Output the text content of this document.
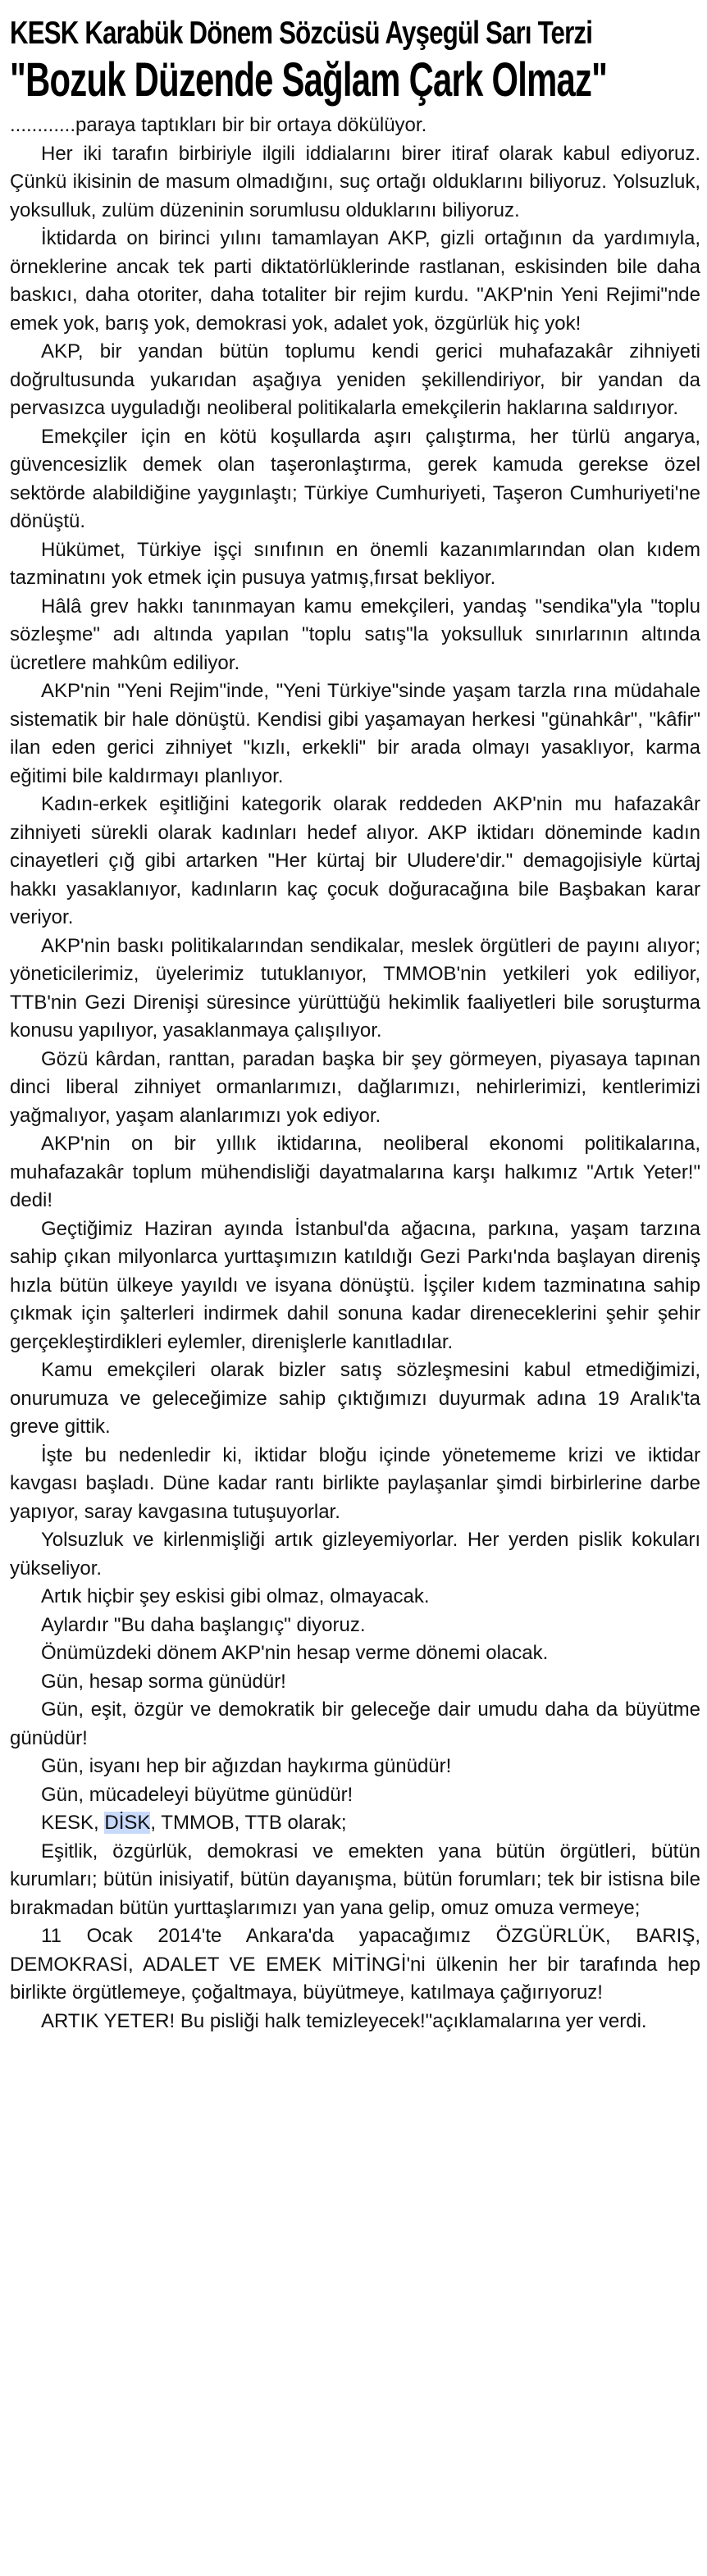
KESK Karabük Dönem Sözcüsü Ayşegül Sarı Terzi
"Bozuk Düzende Sağlam Çark Olmaz"

............paraya taptıkları bir bir ortaya dökülüyor.

Her iki tarafın birbiriyle ilgili iddialarını birer itiraf olarak kabul ediyoruz. Çünkü ikisinin de masum olmadığını, suç ortağı olduklarını biliyoruz. Yolsuzluk, yoksulluk, zulüm düzeninin sorumlusu olduklarını biliyoruz.

İktidarda on birinci yılını tamamlayan AKP, gizli ortağının da yardımıyla, örneklerine ancak tek parti diktatörlüklerinde rastlanan, eskisinden bile daha baskıcı, daha otoriter, daha totaliter bir rejim kurdu. "AKP'nin Yeni Rejimi"nde emek yok, barış yok, demokrasi yok, adalet yok, özgürlük hiç yok!

AKP, bir yandan bütün toplumu kendi gerici muhafazakâr zihniyeti doğrultusunda yukarıdan aşağıya yeniden şekillendiriyor, bir yandan da pervasızca uyguladığı neoliberal politikalarla emekçilerin haklarına saldırıyor.

Emekçiler için en kötü koşullarda aşırı çalıştırma, her türlü angarya, güvencesizlik demek olan taşeronlaştırma, gerek kamuda gerekse özel sektörde alabildiğine yaygınlaştı; Türkiye Cumhuriyeti, Taşeron Cumhuriyeti'ne dönüştü.

Hükümet, Türkiye işçi sınıfının en önemli kazanımlarından olan kıdem tazminatını yok etmek için pusuya yatmış,fırsat bekliyor.

Hâlâ grev hakkı tanınmayan kamu emekçileri, yandaş "sendika"yla "toplu sözleşme" adı altında yapılan "toplu satış"la yoksulluk sınırlarının altında ücretlere mahkûm ediliyor.

AKP'nin "Yeni Rejim"inde, "Yeni Türkiye"sinde yaşam tarzla rına müdahale sistematik bir hale dönüştü. Kendisi gibi yaşamayan herkesi "günahkâr", "kâfir" ilan eden gerici zihniyet "kızlı, erkekli" bir arada olmayı yasaklıyor, karma eğitimi bile kaldırmayı planlıyor.

Kadın-erkek eşitliğini kategorik olarak reddeden AKP'nin mu hafazakâr zihniyeti sürekli olarak kadınları hedef alıyor. AKP iktidarı döneminde kadın cinayetleri çığ gibi artarken "Her kürtaj bir Uludere'dir." demagojisiyle kürtaj hakkı yasaklanıyor, kadınların kaç çocuk doğuracağına bile Başbakan karar veriyor.

AKP'nin baskı politikalarından sendikalar, meslek örgütleri de payını alıyor; yöneticilerimiz, üyelerimiz tutuklanıyor, TMMOB'nin yetkileri yok ediliyor, TTB'nin Gezi Direnişi süresince yürüttüğü hekimlik faaliyetleri bile soruşturma konusu yapılıyor, yasaklanmaya çalışılıyor.

Gözü kârdan, ranttan, paradan başka bir şey görmeyen, piyasaya tapınan dinci liberal zihniyet ormanlarımızı, dağlarımızı, nehirlerimizi, kentlerimizi yağmalıyor, yaşam alanlarımızı yok ediyor.

AKP'nin on bir yıllık iktidarına, neoliberal ekonomi politikalarına, muhafazakâr toplum mühendisliği dayatmalarına karşı halkımız "Artık Yeter!" dedi!

Geçtiğimiz Haziran ayında İstanbul'da ağacına, parkına, yaşam tarzına sahip çıkan milyonlarca yurttaşımızın katıldığı Gezi Parkı'nda başlayan direniş hızla bütün ülkeye yayıldı ve isyana dönüştü. İşçiler kıdem tazminatına sahip çıkmak için şalterleri indirmek dahil sonuna kadar direneceklerini şehir şehir gerçekleştirdikleri eylemler, direnişlerle kanıtladılar.

Kamu emekçileri olarak bizler satış sözleşmesini kabul etmediğimizi, onurumuza ve geleceğimize sahip çıktığımızı duyurmak adına 19 Aralık'ta greve gittik.

İşte bu nedenledir ki, iktidar bloğu içinde yönetememe krizi ve iktidar kavgası başladı. Düne kadar rantı birlikte paylaşanlar şimdi birbirlerine darbe yapıyor, saray kavgasına tutuşuyorlar.

Yolsuzluk ve kirlenmişliği artık gizleyemiyorlar. Her yerden pislik kokuları yükseliyor.

Artık hiçbir şey eskisi gibi olmaz, olmayacak.

Aylardır "Bu daha başlangıç" diyoruz.

Önümüzdeki dönem AKP'nin hesap verme dönemi olacak.

Gün, hesap sorma günüdür!

Gün, eşit, özgür ve demokratik bir geleceğe dair umudu daha da büyütme günüdür!

Gün, isyanı hep bir ağızdan haykırma günüdür!

Gün, mücadeleyi büyütme günüdür!

KESK, DİSK, TMMOB, TTB olarak;

Eşitlik, özgürlük, demokrasi ve emekten yana bütün örgütleri, bütün kurumları; bütün inisiyatif, bütün dayanışma, bütün forumları; tek bir istisna bile bırakmadan bütün yurttaşlarımızı yan yana gelip, omuz omuza vermeye;

11 Ocak 2014'te Ankara'da yapacağımız ÖZGÜRLÜK, BARIŞ, DEMOKRASİ, ADALET VE EMEK MİTİNGİ'ni ülkenin her bir tarafında hep birlikte örgütlemeye, çoğaltmaya, büyütmeye, katılmaya çağırıyoruz!

ARTIK YETER! Bu pisliği halk temizleyecek!"açıklamalarına yer verdi.
